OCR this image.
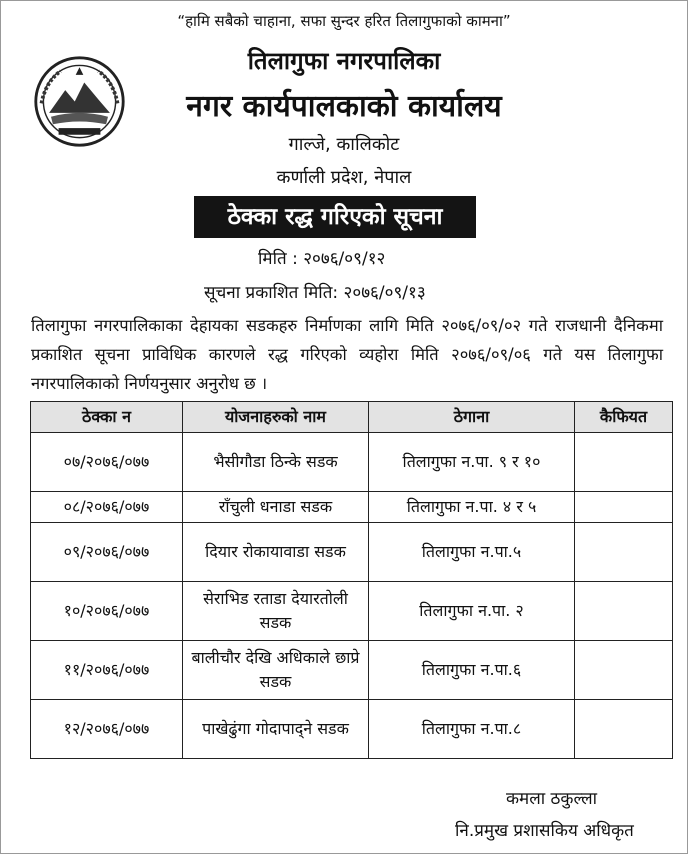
“हामि सबैको चाहाना, सफा सुन्दर हरित तिलागुफाको कामना”
तिलागुफा नगरपालिका
नगर कार्यपालकाको कार्यालय
गाल्जे, कालिकोट
कर्णाली प्रदेश, नेपाल
ठेक्का रद्ध गरिएको सूचना
मिति : २०७६/०९/१२
सूचना प्रकाशित मिति: २०७६/०९/१३
तिलागुफा नगरपालिकाका देहायका सडकहरु निर्माणका लागि मिति २०७६/०९/०२ गते राजधानी दैनिकमा प्रकाशित सूचना प्राविधिक कारणले रद्ध गरिएको व्यहोरा मिति २०७६/०९/०६ गते यस तिलागुफा नगरपालिकाको निर्णयनुसार अनुरोध छ ।
ठेक्का न	योजनाहरुको नाम	ठेगाना	कैफियत
०७/२०७६/०७७	भैसीगौडा ठिन्के सडक	तिलागुफा न.पा. ९ र १०	
०८/२०७६/०७७	राँचुली धनाडा सडक	तिलागुफा न.पा. ४ र ५	
०९/२०७६/०७७	दियार रोकायावाडा सडक	तिलागुफा न.पा.५	
१०/२०७६/०७७	सेराभिड रताडा देयारतोली सडक	तिलागुफा न.पा. २	
११/२०७६/०७७	बालीचौर देखि अधिकाले छाप्रे सडक	तिलागुफा न.पा.६	
१२/२०७६/०७७	पाखेढुंगा गोदापाद्ने सडक	तिलागुफा न.पा.८	
कमला ठकुल्ला
नि.प्रमुख प्रशासकिय अधिकृत
